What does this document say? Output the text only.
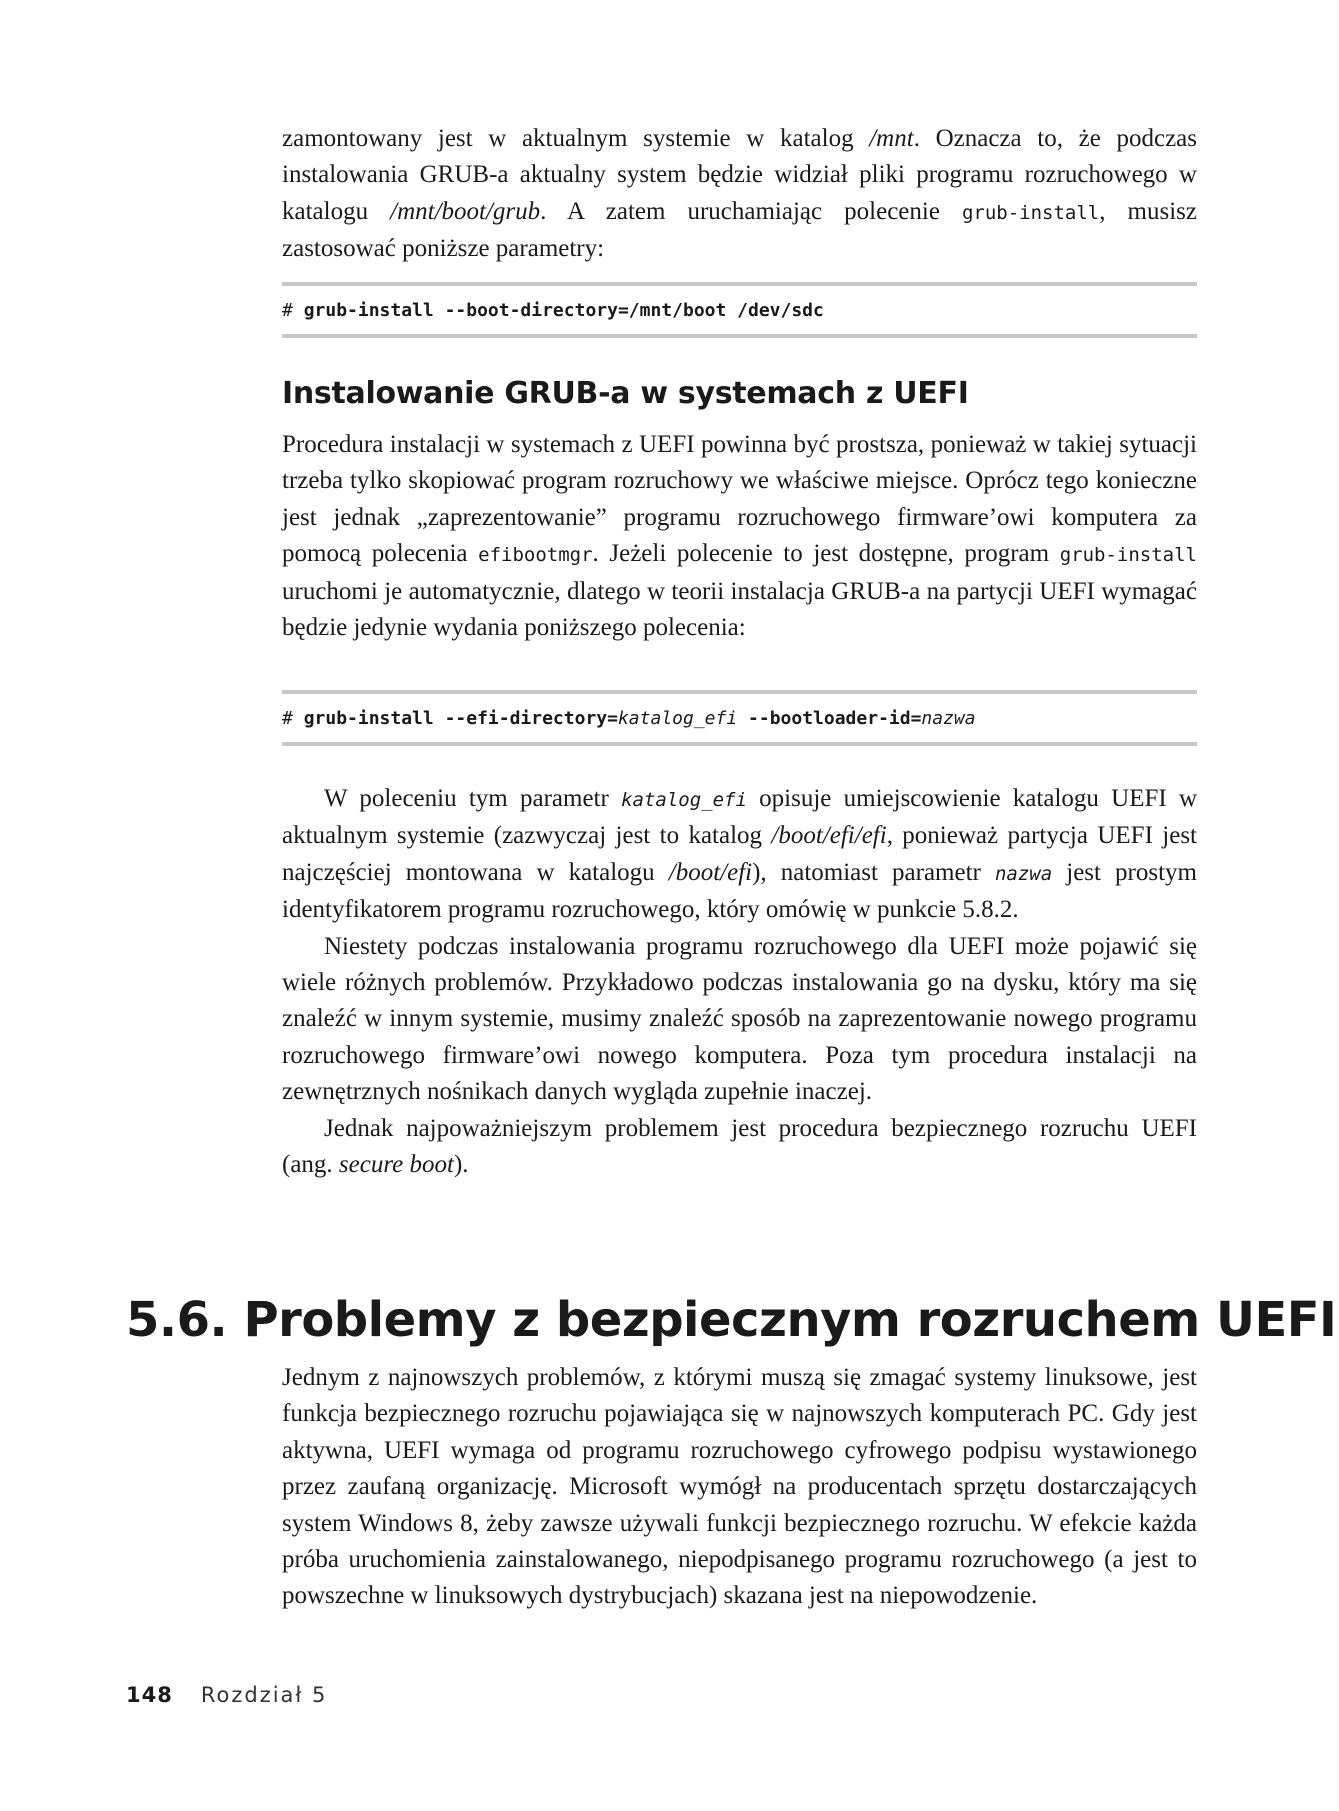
zamontowany jest w aktualnym systemie w katalog /mnt. Oznacza to, że podczas instalowania GRUB-a aktualny system będzie widział pliki programu rozruchowego w katalogu /mnt/boot/grub. A zatem uruchamiając polecenie grub-install, musisz zastosować poniższe parametry:

# grub-install --boot-directory=/mnt/boot /dev/sdc
Instalowanie GRUB-a w systemach z UEFI

Procedura instalacji w systemach z UEFI powinna być prostsza, ponieważ w takiej sytuacji trzeba tylko skopiować program rozruchowy we właściwe miejsce. Oprócz tego konieczne jest jednak „zaprezentowanie” programu rozruchowego firmware’owi komputera za pomocą polecenia efibootmgr. Jeżeli polecenie to jest dostępne, program grub-install uruchomi je automatycznie, dlatego w teorii instalacja GRUB-a na partycji UEFI wymagać będzie jedynie wydania poniższego polecenia:

# grub-install --efi-directory=katalog_efi --bootloader-id=nazwa

W poleceniu tym parametr katalog_efi opisuje umiejscowienie katalogu UEFI w aktualnym systemie (zazwyczaj jest to katalog /boot/efi/efi, ponieważ partycja UEFI jest najczęściej montowana w katalogu /boot/efi), natomiast parametr nazwa jest prostym identyfikatorem programu rozruchowego, który omówię w punkcie 5.8.2.

Niestety podczas instalowania programu rozruchowego dla UEFI może pojawić się wiele różnych problemów. Przykładowo podczas instalowania go na dysku, który ma się znaleźć w innym systemie, musimy znaleźć sposób na zaprezentowanie nowego programu rozruchowego firmware’owi nowego komputera. Poza tym procedura instalacji na zewnętrznych nośnikach danych wygląda zupełnie inaczej.

Jednak najpoważniejszym problemem jest procedura bezpiecznego rozruchu UEFI (ang. secure boot).

5.6. Problemy z bezpiecznym rozruchem UEFI

Jednym z najnowszych problemów, z którymi muszą się zmagać systemy linuksowe, jest funkcja bezpiecznego rozruchu pojawiająca się w najnowszych komputerach PC. Gdy jest aktywna, UEFI wymaga od programu rozruchowego cyfrowego podpisu wystawionego przez zaufaną organizację. Microsoft wymógł na producentach sprzętu dostarczających system Windows 8, żeby zawsze używali funkcji bezpiecznego rozruchu. W efekcie każda próba uruchomienia zainstalowanego, niepodpisanego programu rozruchowego (a jest to powszechne w linuksowych dystrybucjach) skazana jest na niepowodzenie.

148 Rozdział 5
